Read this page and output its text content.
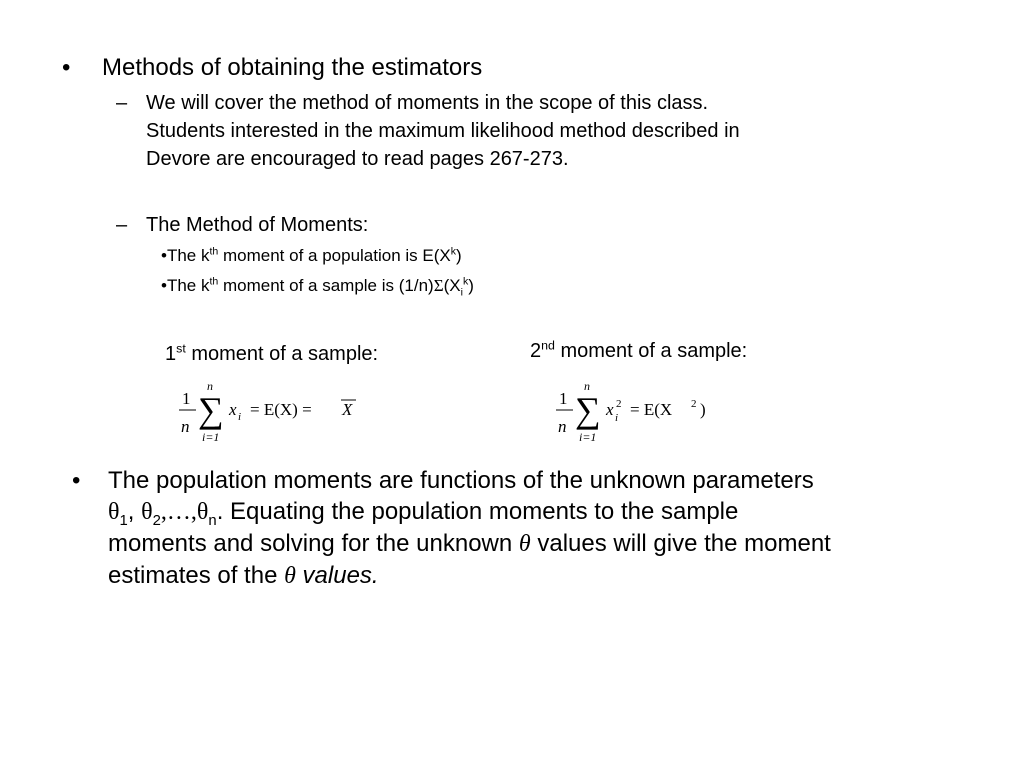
• Methods of obtaining the estimators
– We will cover the method of moments in the scope of this class.
Students interested in the maximum likelihood method described in
Devore are encouraged to read pages 267-273.
– The Method of Moments:
•The $k^{th}$ moment of a population is $E(X^k)$
•The $k^{th}$ moment of a sample is $(1/n)\Sigma(X_i^k)$
1st moment of a sample:	2nd moment of a sample:
1
n
n
∑
i=1
x i = E(X) = X
1
n
n
∑
i=1
x 2
i = E(X 2 )
• The population moments are functions of the unknown parameters
$\theta_1$, $\theta_2,\dots,\theta_n$. Equating the population moments to the sample
moments and solving for the unknown θ values will give the moment
estimates of the θ values.
